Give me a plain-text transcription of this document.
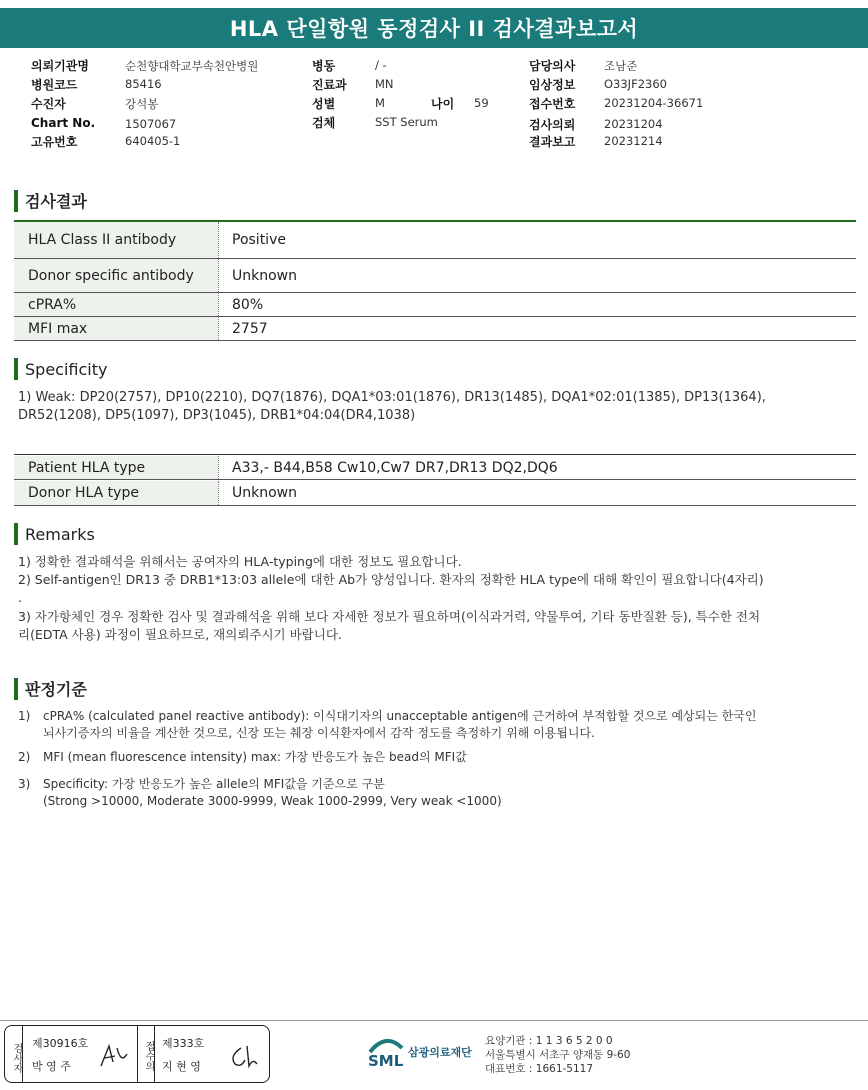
HLA 단일항원 동정검사 II 검사결과보고서
의뢰기관명	순천향대학교부속천안병원
병원코드	85416
수진자	강석봉
Chart No.	1507067
고유번호	640405-1
병동	/ -
진료과 MN
성별	M
검체	SST Serum
담당의사 조남준
임상정보 O33JF2360
접수번호 20231204-36671
검사의뢰 20231204
결과보고 20231214
나이 59
검사결과
HLA Class II antibody	Positive
Donor specific antibody	Unknown
cPRA%	80%
MFI max	2757
Specificity
1) Weak: DP20(2757), DP10(2210), DQ7(1876), DQA1*03:01(1876), DR13(1485), DQA1*02:01(1385), DP13(1364),
DR52(1208), DP5(1097), DP3(1045), DRB1*04:04(DR4,1038)
Patient HLA type	A33,- B44,B58 Cw10,Cw7 DR7,DR13 DQ2,DQ6
Donor HLA type	Unknown
Remarks
1) 정확한 결과해석을 위해서는 공여자의 HLA-typing에 대한 정보도 필요합니다.
2) Self-antigen인 DR13 중 DRB1*13:03 allele에 대한 Ab가 양성입니다. 환자의 정확한 HLA type에 대해 확인이 필요합니다(4자리)
.
3) 자가항체인 경우 정확한 검사 및 결과해석을 위해 보다 자세한 정보가 필요하며(이식과거력, 약물투여, 기타 동반질환 등), 특수한 전처
리(EDTA 사용) 과정이 필요하므로, 재의뢰주시기 바랍니다.
판정기준
1) cPRA% (calculated panel reactive antibody): 이식대기자의 unacceptable antigen에 근거하여 부적합할 것으로 예상되는 한국인
뇌사기증자의 비율을 계산한 것으로, 신장 또는 췌장 이식환자에서 감작 정도를 측정하기 위해 이용됩니다.
2) MFI (mean fluorescence intensity) max: 가장 반응도가 높은 bead의 MFI값
3) Specificity: 가장 반응도가 높은 allele의 MFI값을 기준으로 구분
(Strong >10000, Moderate 3000-9999, Weak 1000-2999, Very weak <1000)
검사자 제30916호
박 영 주	접수의 제333호
지 현 영	SML 삼광의료재단
요양기관 : 1 1 3 6 5 2 0 0
서울특별시 서초구 양재동 9-60
대표번호 : 1661-5117
